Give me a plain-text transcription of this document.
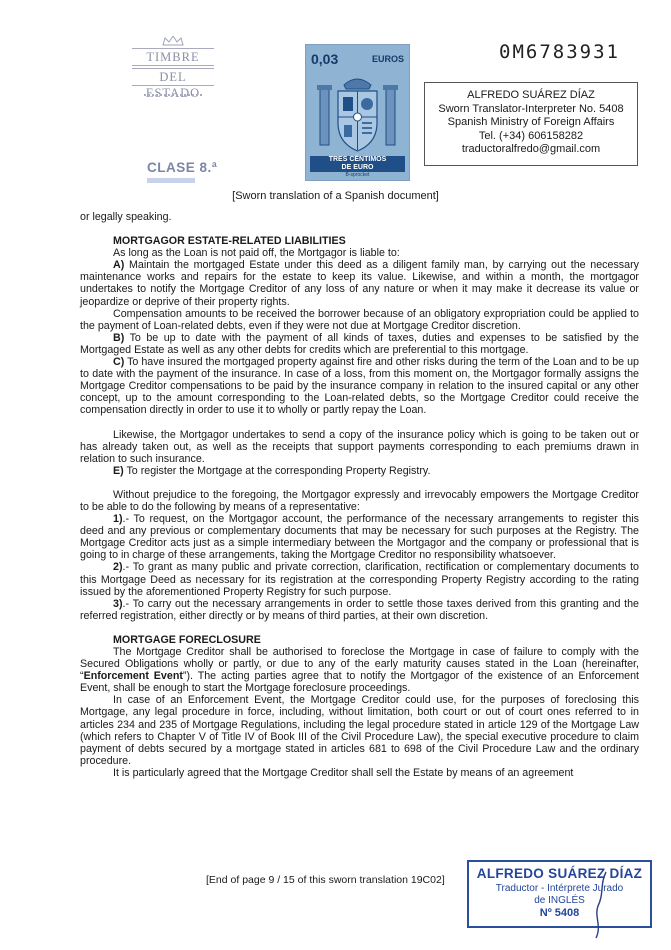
TIMBRE
DEL ESTADO
0,03	EUROS
TRES CÉNTIMOS
DE EURO
B-sprocket
0M6783931
ALFREDO SUÁREZ DÍAZ
Sworn Translator-Interpreter No. 5408
Spanish Ministry of Foreign Affairs
Tel. (+34) 606158282
traductoralfredo@gmail.com
CLASE 8.ª
[Sworn translation of a Spanish document]

or legally speaking.

MORTGAGOR ESTATE-RELATED LIABILITIES

As long as the Loan is not paid off, the Mortgagor is liable to:

A) Maintain the mortgaged Estate under this deed as a diligent family man, by carrying out the necessary maintenance works and repairs for the estate to keep its value. Likewise, and within a month, the mortgagor undertakes to notify the Mortgage Creditor of any loss of any nature or when it may make it decrease its value or jeopardize or deprive of their property rights.

Compensation amounts to be received the borrower because of an obligatory expropriation could be applied to the payment of Loan-related debts, even if they were not due at Mortgage Creditor discretion.

B) To be up to date with the payment of all kinds of taxes, duties and expenses to be satisfied by the Mortgaged Estate as well as any other debts for credits which are preferential to this mortgage.

C) To have insured the mortgaged property against fire and other risks during the term of the Loan and to be up to date with the payment of the insurance. In case of a loss, from this moment on, the Mortgagor formally assigns the Mortgage Creditor compensations to be paid by the insurance company in relation to the insured capital or any other concept, up to the amount corresponding to the Loan-related debts, so the Mortgage Creditor could receive the compensation directly in order to use it to wholly or partly repay the Loan.

Likewise, the Mortgagor undertakes to send a copy of the insurance policy which is going to be taken out or has already taken out, as well as the receipts that support payments corresponding to each premiums drawn in relation to such insurance.

E) To register the Mortgage at the corresponding Property Registry.

Without prejudice to the foregoing, the Mortgagor expressly and irrevocably empowers the Mortgage Creditor to be able to do the following by means of a representative:

1).- To request, on the Mortgagor account, the performance of the necessary arrangements to register this deed and any previous or complementary documents that may be necessary for such purposes at the Registry. The Mortgage Creditor acts just as a simple intermediary between the Mortgagor and the company or professional that is going to in charge of these arrangements, taking the Mortgage Creditor no responsibility whatsoever.

2).- To grant as many public and private correction, clarification, rectification or complementary documents to this Mortgage Deed as necessary for its registration at the corresponding Property Registry according to the rating issued by the aforementioned Property Registry for such purpose.

3).- To carry out the necessary arrangements in order to settle those taxes derived from this granting and the referred registration, either directly or by means of third parties, at their own discretion.

MORTGAGE FORECLOSURE

The Mortgage Creditor shall be authorised to foreclose the Mortgage in case of failure to comply with the Secured Obligations wholly or partly, or due to any of the early maturity causes stated in the Loan (hereinafter, “Enforcement Event”). The acting parties agree that to notify the Mortgagor of the existence of an Enforcement Event, shall be enough to start the Mortgage foreclosure proceedings.

In case of an Enforcement Event, the Mortgage Creditor could use, for the purposes of foreclosing this Mortgage, any legal procedure in force, including, without limitation, both court or out of court ones referred to in articles 234 and 235 of Mortgage Regulations, including the legal procedure stated in article 129 of the Mortgage Law (which refers to Chapter V of Title IV of Book III of the Civil Procedure Law), the special executive procedure to claim payment of debts secured by a mortgage stated in articles 681 to 698 of the Civil Procedure Law and the ordinary procedure.

It is particularly agreed that the Mortgage Creditor shall sell the Estate by means of an agreement

[End of page 9 / 15 of this sworn translation 19C02]	ALFREDO SUÁREZ DÍAZ
Traductor - Intérprete Jurado
de INGLÉS
Nº 5408
